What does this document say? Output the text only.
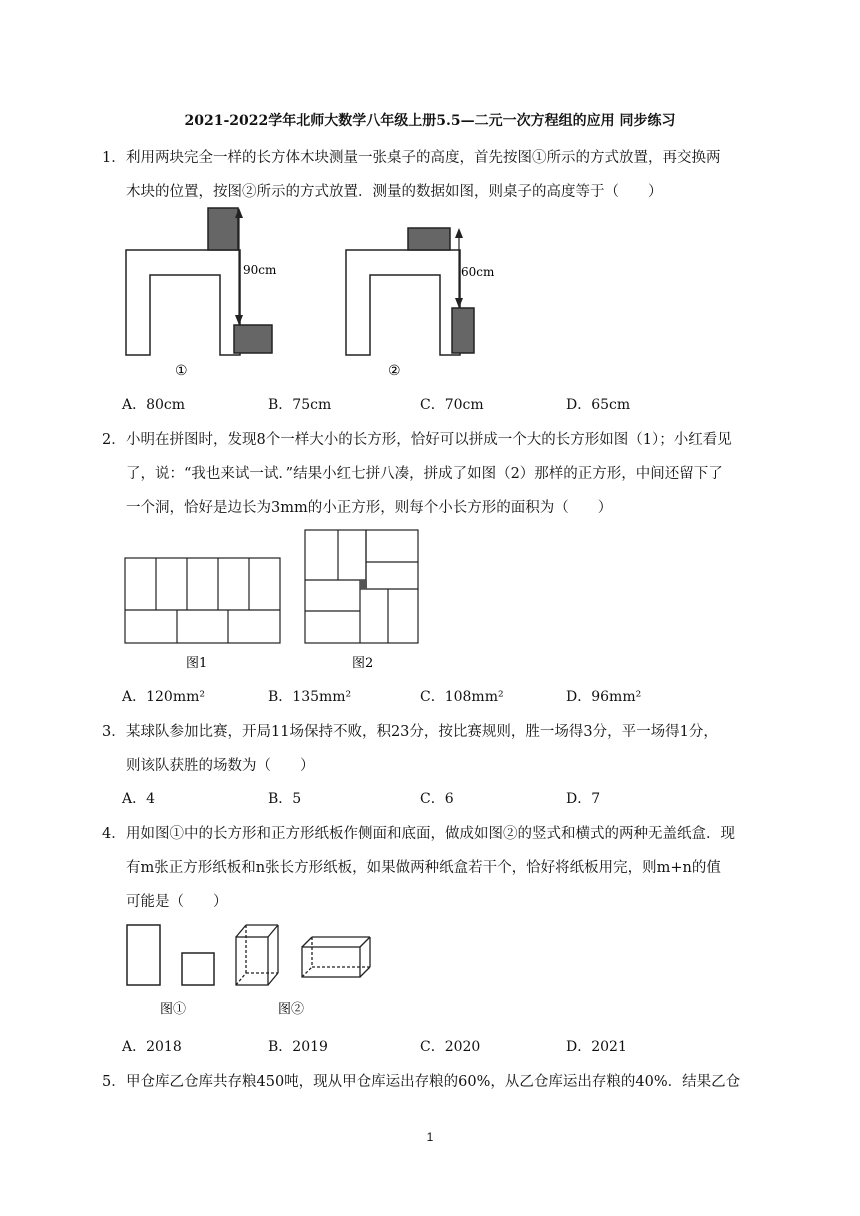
2021-2022学年北师大数学八年级上册5.5—二元一次方程组的应用 同步练习
1． 利用两块完全一样的长方体木块测量一张桌子的高度，首先按图①所示的方式放置，再交换两
木块的位置，按图②所示的方式放置．测量的数据如图，则桌子的高度等于（　　）
90cm
①
60cm
②
A．80cm	B．75cm	C．70cm	D．65cm
2． 小明在拼图时，发现8个一样大小的长方形，恰好可以拼成一个大的长方形如图（1）；小红看见
了，说：“我也来试一试．”结果小红七拼八凑，拼成了如图（2）那样的正方形，中间还留下了
一个洞，恰好是边长为3mm的小正方形，则每个小长方形的面积为（　　）
图1	图2
A．120mm²	B．135mm²	C．108mm²	D．96mm²
3． 某球队参加比赛，开局11场保持不败，积23分，按比赛规则，胜一场得3分，平一场得1分，
则该队获胜的场数为（　　）
A．4	B．5	C．6	D．7
4． 用如图①中的长方形和正方形纸板作侧面和底面，做成如图②的竖式和横式的两种无盖纸盒．现
有m张正方形纸板和n张长方形纸板，如果做两种纸盒若干个，恰好将纸板用完，则m+n的值
可能是（　　）
图①	图②
A．2018	B．2019	C．2020	D．2021
5． 甲仓库乙仓库共存粮450吨，现从甲仓库运出存粮的60%，从乙仓库运出存粮的40%．结果乙仓
1
